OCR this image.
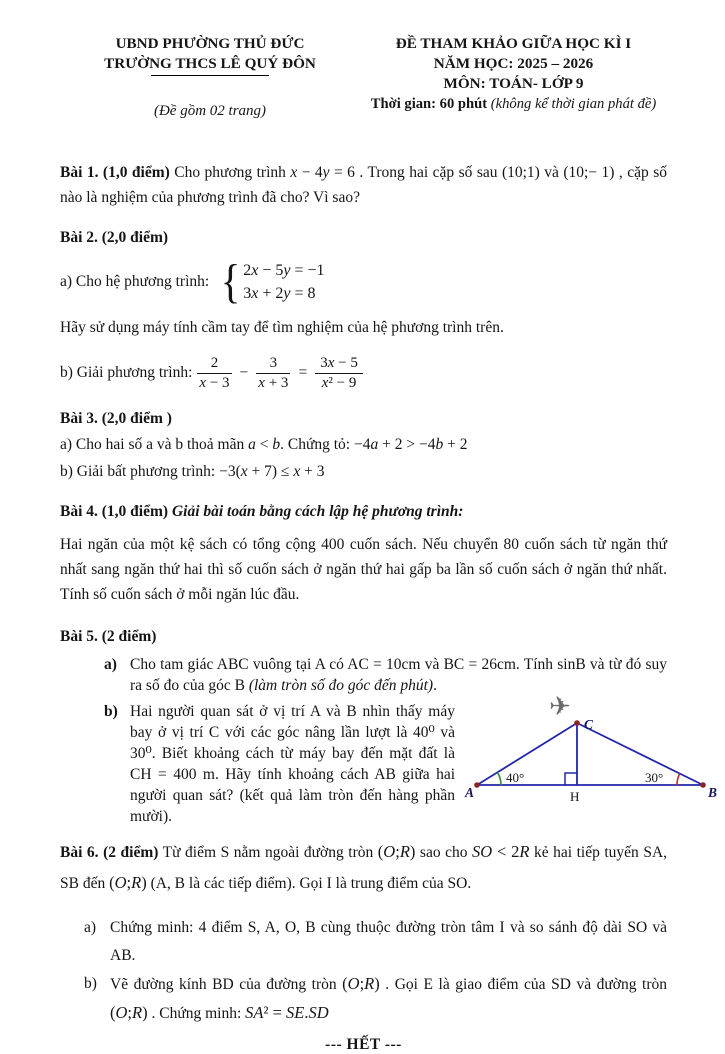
UBND PHƯỜNG THỦ ĐỨC
TRƯỜNG THCS LÊ QUÝ ĐÔN
(Đề gồm 02 trang)
ĐỀ THAM KHẢO GIỮA HỌC KÌ I
NĂM HỌC: 2025 – 2026
MÔN: TOÁN- LỚP 9
Thời gian: 60 phút (không kể thời gian phát đề)

Bài 1. (1,0 điểm) Cho phương trình x − 4y = 6 . Trong hai cặp số sau (10;1) và (10;− 1) , cặp số nào là nghiệm của phương trình đã cho? Vì sao?

Bài 2. (2,0 điểm)
a) Cho hệ phương trình: { 2x − 5y = −1
3x + 2y = 8
Hãy sử dụng máy tính cầm tay để tìm nghiệm của hệ phương trình trên.
b) Giải phương trình: $\frac{2}{x - 3} - \frac{3}{x + 3} = \frac{3x - 5}{\text{x² − 9}}$
Bài 3. (2,0 điểm )
a) Cho hai số a và b thoả mãn a < b. Chứng tỏ: −4a + 2 > −4b + 2
b) Giải bất phương trình: −3(x + 7) ≤ x + 3
Bài 4. (1,0 điểm) Giải bài toán bằng cách lập hệ phương trình:

Hai ngăn của một kệ sách có tổng cộng 400 cuốn sách. Nếu chuyển 80 cuốn sách từ ngăn thứ nhất sang ngăn thứ hai thì số cuốn sách ở ngăn thứ hai gấp ba lần số cuốn sách ở ngăn thứ nhất. Tính số cuốn sách ở mỗi ngăn lúc đầu.

Bài 5. (2 điểm)
a) Cho tam giác ABC vuông tại A có AC = 10cm và BC = 26cm. Tính sinB và từ đó suy ra số đo của góc B (làm tròn số đo góc đến phút).
b)	✈
A	B
C
H
40°	30°
Hai người quan sát ở vị trí A và B nhìn thấy máy bay ở vị trí C với các góc nâng lần lượt là 40⁰ và 30⁰. Biết khoảng cách từ máy bay đến mặt đất là CH = 400 m. Hãy tính khoảng cách AB giữa hai người quan sát? (kết quả làm tròn đến hàng phần mười).

Bài 6. (2 điểm) Từ điểm S nằm ngoài đường tròn (O;R) sao cho SO < 2R kẻ hai tiếp tuyến SA, SB đến (O;R) (A, B là các tiếp điểm). Gọi I là trung điểm của SO.

a) Chứng minh: 4 điểm S, A, O, B cùng thuộc đường tròn tâm I và so sánh độ dài SO và AB.
b) Vẽ đường kính BD của đường tròn (O;R) . Gọi E là giao điểm của SD và đường tròn (O;R) . Chứng minh: SA² = SE.SD
--- HẾT ---
